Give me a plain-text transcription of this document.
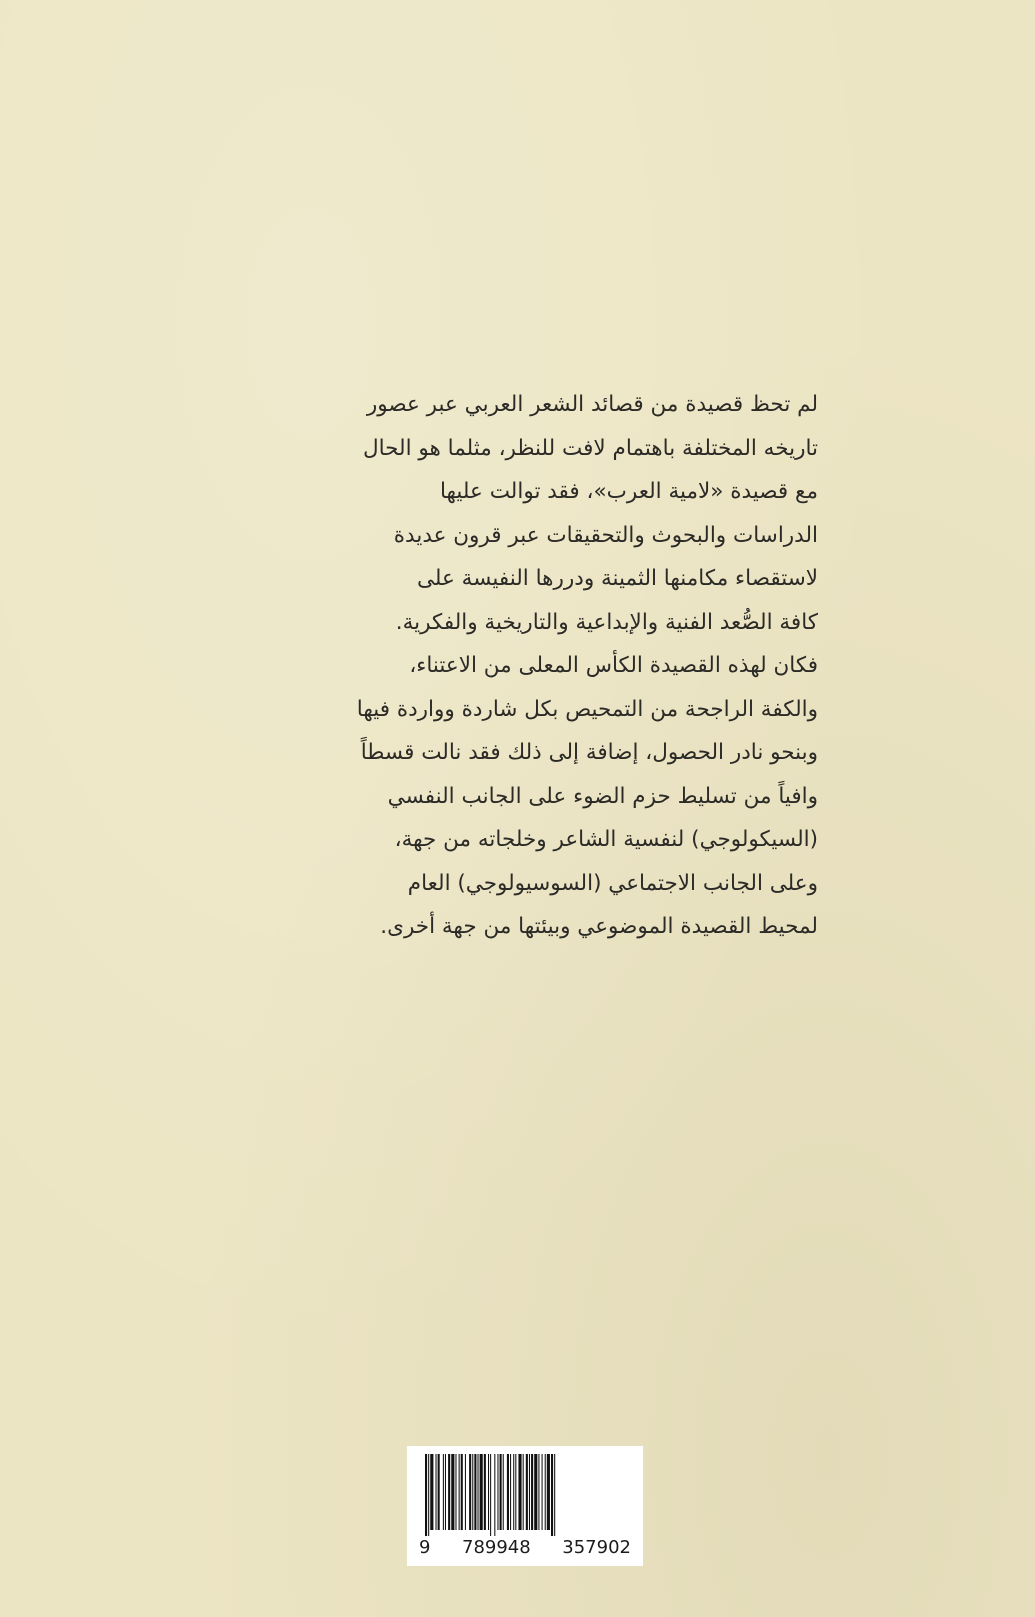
لم تحظ قصيدة من قصائد الشعر العربي عبر عصور
تاريخه المختلفة باهتمام لافت للنظر، مثلما هو الحال
مع قصيدة «لامية العرب»، فقد توالت عليها
الدراسات والبحوث والتحقيقات عبر قرون عديدة
لاستقصاء مكامنها الثمينة ودررها النفيسة على
كافة الصُّعد الفنية والإبداعية والتاريخية والفكرية.
فكان لهذه القصيدة الكأس المعلى من الاعتناء،
والكفة الراجحة من التمحيص بكل شاردة وواردة فيها
وبنحو نادر الحصول، إضافة إلى ذلك فقد نالت قسطاً
وافياً من تسليط حزم الضوء على الجانب النفسي
(السيكولوجي) لنفسية الشاعر وخلجاته من جهة،
وعلى الجانب الاجتماعي (السوسيولوجي) العام
لمحيط القصيدة الموضوعي وبيئتها من جهة أخرى.
9 789948 357902
